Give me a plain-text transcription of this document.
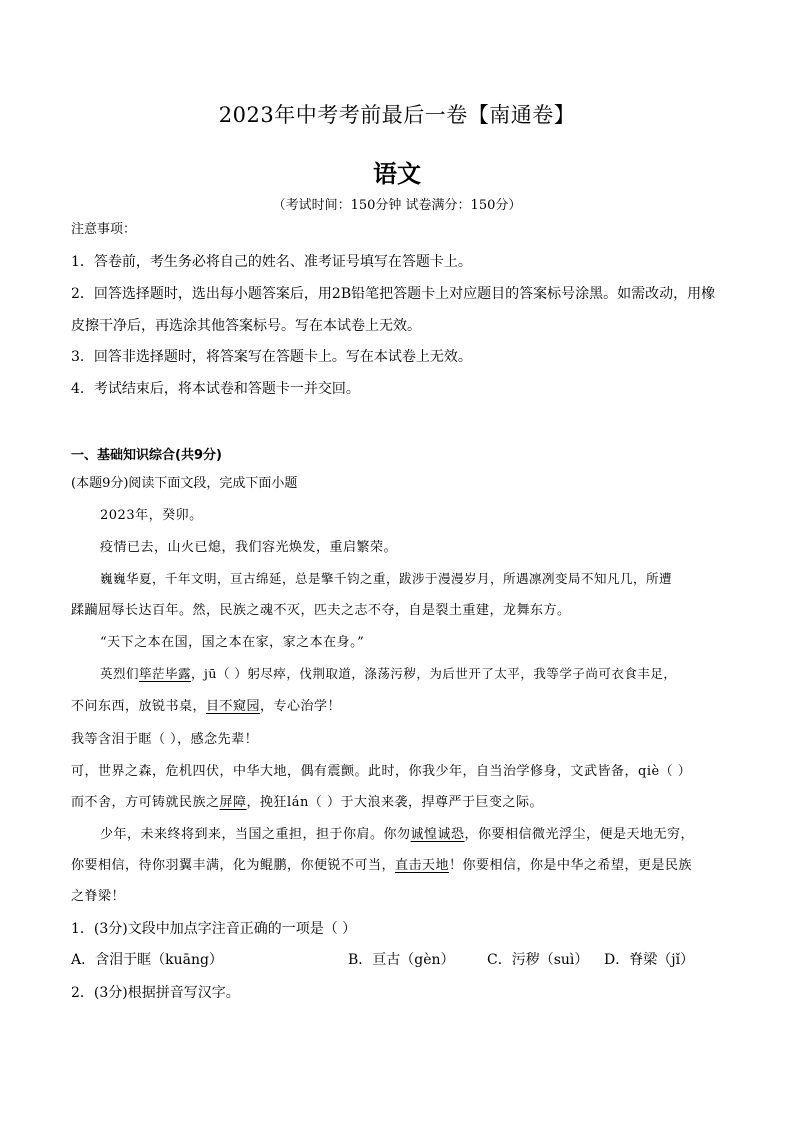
2023年中考考前最后一卷【南通卷】
语文
（考试时间：150分钟 试卷满分：150分）
注意事项：
1．答卷前，考生务必将自己的姓名、准考证号填写在答题卡上。
2．回答选择题时，选出每小题答案后，用2B铅笔把答题卡上对应题目的答案标号涂黑。如需改动，用橡
皮擦干净后，再选涂其他答案标号。写在本试卷上无效。
3．回答非选择题时，将答案写在答题卡上。写在本试卷上无效。
4．考试结束后，将本试卷和答题卡一并交回。
一、基础知识综合(共9分)
(本题9分)阅读下面文段，完成下面小题
2023年，癸卯。
疫情已去，山火已熄，我们容光焕发，重启繁荣。
巍巍华夏，千年文明，亘古绵延，总是擎千钧之重，跋涉于漫漫岁月，所遇凛冽变局不知凡几，所遭
蹂躏屈辱长达百年。然，民族之魂不灭，匹夫之志不夺，自是裂土重建，龙舞东方。
“天下之本在国，国之本在家，家之本在身。”
英烈们筚茫毕露，jū（ ）躬尽瘁，伐荆取道，涤荡污秽，为后世开了太平，我等学子尚可衣食丰足，
不问东西，放锐书桌，目不窥园，专心治学！
我等含泪于眶（ ），感念先辈！
可，世界之森，危机四伏，中华大地，偶有震颤。此时，你我少年，自当治学修身，文武皆备，qiè（ ）
而不舍，方可铸就民族之屏障，挽狂lán（ ）于大浪来袭，捍尊严于巨变之际。
少年，未来终将到来，当国之重担，担于你肩。你勿诚惶诚恐，你要相信微光浮尘，便是天地无穷，
你要相信，待你羽翼丰满，化为鲲鹏，你便锐不可当，直击天地！你要相信，你是中华之希望，更是民族
之脊梁！
1．(3分)文段中加点字注音正确的一项是（ ）
A．含泪于眶（kuāng）	B．亘古（gèn） C．污秽（suì） D．脊梁（jǐ）
2．(3分)根据拼音写汉字。
